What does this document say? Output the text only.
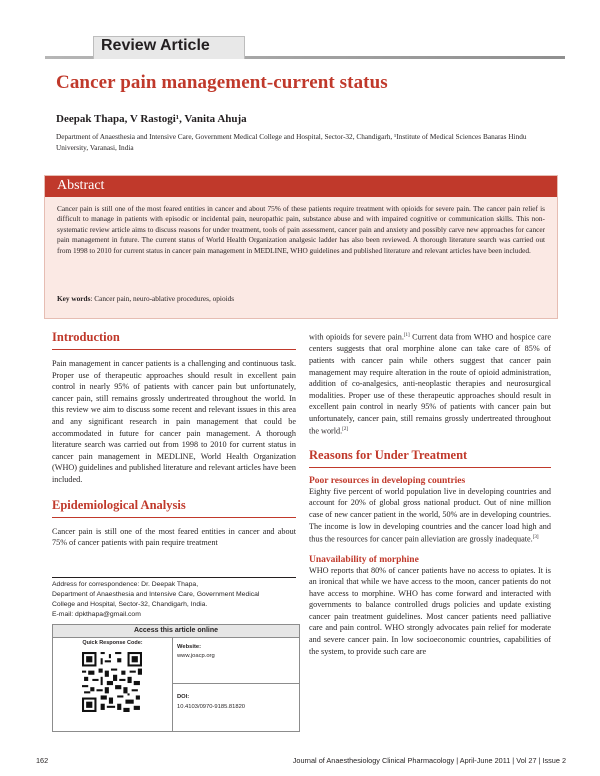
Review Article
Cancer pain management-current status
Deepak Thapa, V Rastogi¹, Vanita Ahuja
Department of Anaesthesia and Intensive Care, Government Medical College and Hospital, Sector-32, Chandigarh, ¹Institute of Medical Sciences Banaras Hindu University, Varanasi, India
Abstract
Cancer pain is still one of the most feared entities in cancer and about 75% of these patients require treatment with opioids for severe pain. The cancer pain relief is difficult to manage in patients with episodic or incidental pain, neuropathic pain, substance abuse and with impaired cognitive or communication skills. This non-systematic review article aims to discuss reasons for under treatment, tools of pain assessment, cancer pain and anxiety and possibly carve new approaches for cancer pain management in future. The current status of World Health Organization analgesic ladder has also been reviewed. A thorough literature search was carried out from 1998 to 2010 for current status in cancer pain management in MEDLINE, WHO guidelines and published literature and relevant articles have been included.
Key words: Cancer pain, neuro-ablative procedures, opioids
Introduction

Pain management in cancer patients is a challenging and continuous task. Proper use of therapeutic approaches should result in excellent pain control in nearly 95% of patients with cancer pain but unfortunately, cancer pain, still remains grossly undertreated throughout the world. In this review we aim to discuss some recent and relevant issues in this area and any significant research in pain management that could be accommodated in future for cancer pain management. A thorough literature search was carried out from 1998 to 2010 for current status in cancer pain management in MEDLINE, World Health Organization (WHO) guidelines and published literature and relevant articles have been included.

Epidemiological Analysis

Cancer pain is still one of the most feared entities in cancer and about 75% of cancer patients with pain require treatment

with opioids for severe pain.[1] Current data from WHO and hospice care centers suggests that oral morphine alone can take care of 85% of patients with cancer pain while others suggest that cancer pain management may require alteration in the route of opioid administration, addition of co-analgesics, anti-neoplastic therapies and neurosurgical modalities. Proper use of these therapeutic approaches should result in excellent pain control in nearly 95% of patients with cancer pain but unfortunately, cancer pain, still remains grossly undertreated throughout the world.[2]

Reasons for Under Treatment
Poor resources in developing countries

Eighty five percent of world population live in developing countries and account for 20% of global gross national product. Out of nine million case of new cancer patient in the world, 50% are in developing countries. The income is low in developing countries and the cancer load high and thus the resources for cancer pain alleviation are grossly inadequate.[3]

Unavailability of morphine

WHO reports that 80% of cancer patients have no access to opiates. It is an ironical that while we have access to the moon, cancer patients do not have access to morphine. WHO has come forward and interacted with governments to balance controlled drugs policies and update existing cancer pain treatment guidelines. Most cancer patients need palliative care and pain control. WHO strongly advocates pain relief for moderate and severe cancer pain. In low socioeconomic countries, capabilities of the system, to provide such care are

Address for correspondence: Dr. Deepak Thapa,
Department of Anaesthesia and Intensive Care, Government Medical
College and Hospital, Sector-32, Chandigarh, India.
E-mail: dpkthapa@gmail.com
Access this article online
Quick Response Code:
Website:
www.joacp.org
DOI:
10.4103/0970-9185.81820
162	Journal of Anaesthesiology Clinical Pharmacology | April-June 2011 | Vol 27 | Issue 2
